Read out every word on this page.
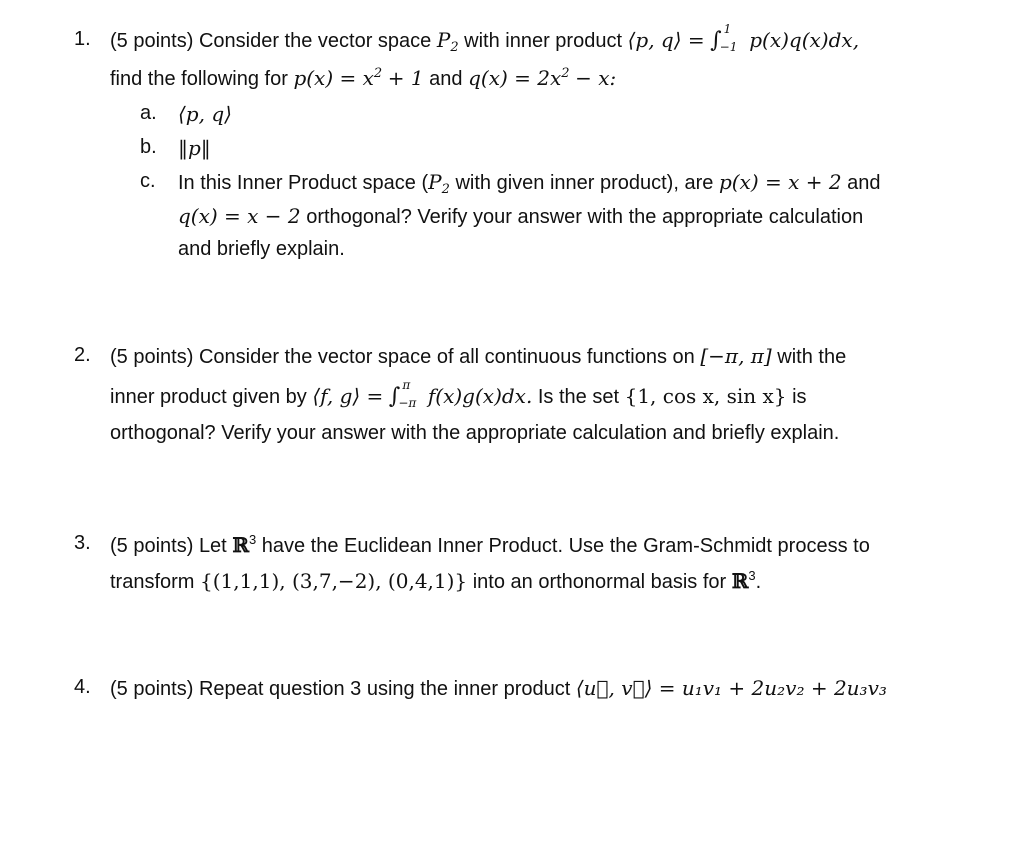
1. (5 points) Consider the vector space $P_2$ with inner product ⟨p, q⟩ = ∫ 1
−1 p(x)q(x)dx,
find the following for $p(x) = x^2 + 1$ and $q(x) = 2x^2 - x$:
a. ⟨p, q⟩
b. ‖p‖
c. In this Inner Product space ($P_2$ with given inner product), are p(x) = x + 2 and
q(x) = x − 2 orthogonal? Verify your answer with the appropriate calculation
and briefly explain.
2. (5 points) Consider the vector space of all continuous functions on [−π, π] with the
inner product given by ⟨f, g⟩ = ∫ π
−π f(x)g(x)dx. Is the set {1, cos x, sin x} is
orthogonal? Verify your answer with the appropriate calculation and briefly explain.
3. (5 points) Let ℝ$^3$ have the Euclidean Inner Product. Use the Gram-Schmidt process to
transform {(1,1,1), (3,7,−2), (0,4,1)} into an orthonormal basis for ℝ$^3$.
4. (5 points) Repeat question 3 using the inner product ⟨u⃗, v⃗⟩ = u₁v₁ + 2u₂v₂ + 2u₃v₃
